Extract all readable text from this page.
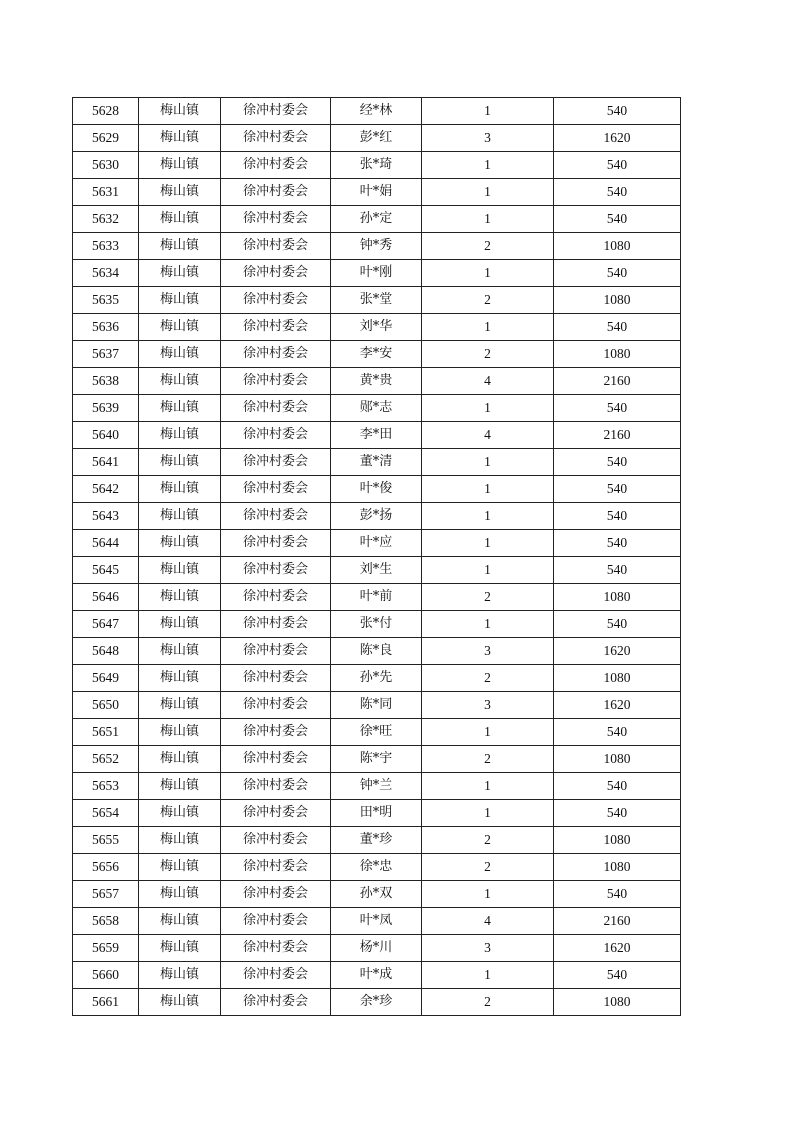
5628	梅山镇	徐冲村委会	经*林	1	540
5629	梅山镇	徐冲村委会	彭*红	3	1620
5630	梅山镇	徐冲村委会	张*琦	1	540
5631	梅山镇	徐冲村委会	叶*娟	1	540
5632	梅山镇	徐冲村委会	孙*定	1	540
5633	梅山镇	徐冲村委会	钟*秀	2	1080
5634	梅山镇	徐冲村委会	叶*刚	1	540
5635	梅山镇	徐冲村委会	张*堂	2	1080
5636	梅山镇	徐冲村委会	刘*华	1	540
5637	梅山镇	徐冲村委会	李*安	2	1080
5638	梅山镇	徐冲村委会	黄*贵	4	2160
5639	梅山镇	徐冲村委会	郧*志	1	540
5640	梅山镇	徐冲村委会	李*田	4	2160
5641	梅山镇	徐冲村委会	董*清	1	540
5642	梅山镇	徐冲村委会	叶*俊	1	540
5643	梅山镇	徐冲村委会	彭*扬	1	540
5644	梅山镇	徐冲村委会	叶*应	1	540
5645	梅山镇	徐冲村委会	刘*生	1	540
5646	梅山镇	徐冲村委会	叶*前	2	1080
5647	梅山镇	徐冲村委会	张*付	1	540
5648	梅山镇	徐冲村委会	陈*良	3	1620
5649	梅山镇	徐冲村委会	孙*先	2	1080
5650	梅山镇	徐冲村委会	陈*同	3	1620
5651	梅山镇	徐冲村委会	徐*旺	1	540
5652	梅山镇	徐冲村委会	陈*宇	2	1080
5653	梅山镇	徐冲村委会	钟*兰	1	540
5654	梅山镇	徐冲村委会	田*明	1	540
5655	梅山镇	徐冲村委会	董*珍	2	1080
5656	梅山镇	徐冲村委会	徐*忠	2	1080
5657	梅山镇	徐冲村委会	孙*双	1	540
5658	梅山镇	徐冲村委会	叶*凤	4	2160
5659	梅山镇	徐冲村委会	杨*川	3	1620
5660	梅山镇	徐冲村委会	叶*成	1	540
5661	梅山镇	徐冲村委会	余*珍	2	1080
